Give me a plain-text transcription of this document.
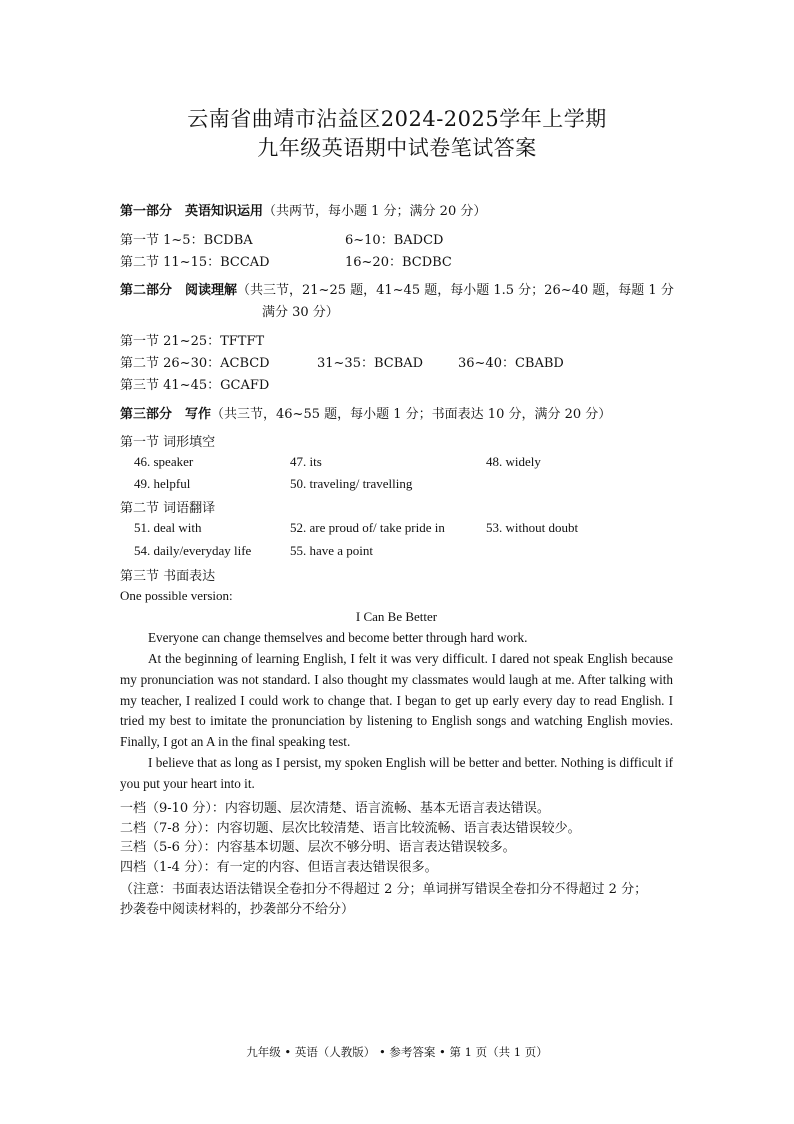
云南省曲靖市沾益区2024-2025学年上学期
九年级英语期中试卷笔试答案
第一部分　英语知识运用（共两节，每小题 1 分；满分 20 分）
第一节 1~5：BCDBA	6~10：BADCD
第二节 11~15：BCCAD	16~20：BCDBC
第二部分　阅读理解（共三节，21~25 题，41~45 题，每小题 1.5 分；26~40 题，每题 1 分
满分 30 分）
第一节 21~25：TFTFT
第二节 26~30：ACBCD	31~35：BCBAD	36~40：CBABD
第三节 41~45：GCAFD
第三部分　写作（共三节，46~55 题，每小题 1 分；书面表达 10 分，满分 20 分）
第一节 词形填空
46. speaker	47. its	48. widely
49. helpful	50. traveling/ travelling
第二节 词语翻译
51. deal with	52. are proud of/ take pride in	53. without doubt
54. daily/everyday life	55. have a point
第三节 书面表达
One possible version:
I Can Be Better
Everyone can change themselves and become better through hard work.
At the beginning of learning English, I felt it was very difficult. I dared not speak English because my pronunciation was not standard. I also thought my classmates would laugh at me. After talking with my teacher, I realized I could work to change that. I began to get up early every day to read English. I tried my best to imitate the pronunciation by listening to English songs and watching English movies. Finally, I got an A in the final speaking test.
I believe that as long as I persist, my spoken English will be better and better. Nothing is difficult if you put your heart into it.
一档（9-10 分）：内容切题、层次清楚、语言流畅、基本无语言表达错误。
二档（7-8 分）：内容切题、层次比较清楚、语言比较流畅、语言表达错误较少。
三档（5-6 分）：内容基本切题、层次不够分明、语言表达错误较多。
四档（1-4 分）：有一定的内容、但语言表达错误很多。
（注意：书面表达语法错误全卷扣分不得超过 2 分；单词拼写错误全卷扣分不得超过 2 分；
抄袭卷中阅读材料的，抄袭部分不给分）
九年级 • 英语（人教版） • 参考答案 • 第 1 页（共 1 页）
